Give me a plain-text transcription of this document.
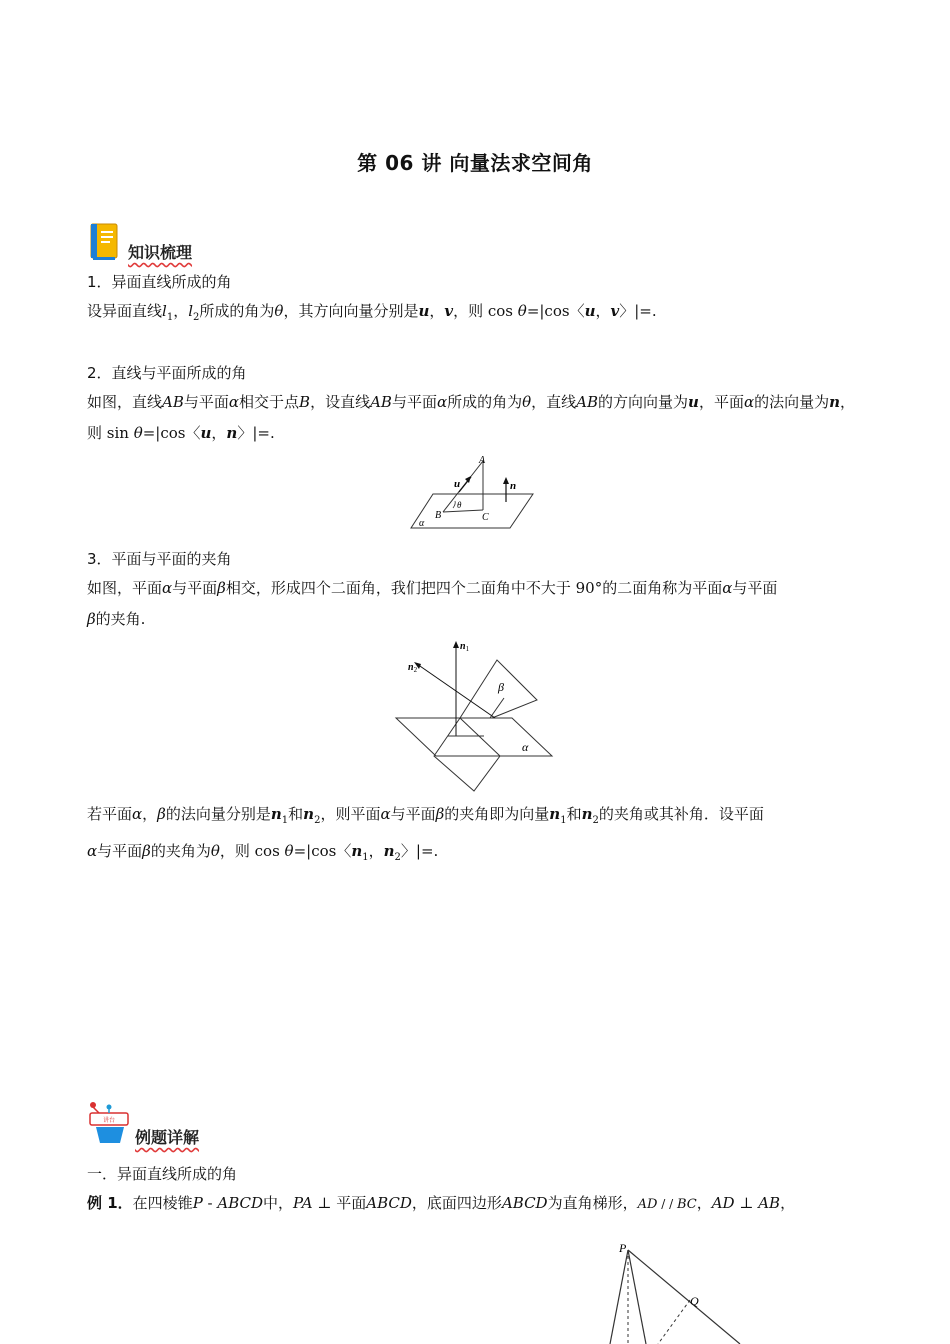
第 06 讲 向量法求空间角
知识梳理
1．异面直线所成的角
设异面直线$l_1$，$l_2$所成的角为θ，其方向向量分别是u，v，则 cos θ=|cos〈u，v〉|=.
2．直线与平面所成的角
如图，直线AB与平面α相交于点B，设直线AB与平面α所成的角为θ，直线AB的方向向量为u，平面α的法向量为n，则 sin θ=|cos〈u，n〉|=.
A
u	n
θ
B	C
α
3．平面与平面的夹角
如图，平面α与平面β相交，形成四个二面角，我们把四个二面角中不大于 90°的二面角称为平面α与平面
β的夹角.
$n_1$
$n_2$
β
α
若平面α，β的法向量分别是$n_1$和$n_2$，则平面α与平面β的夹角即为向量$n_1$和$n_2$的夹角或其补角．设平面
α与平面β的夹角为θ，则 cos θ=|cos〈$n_1$，$n_2$〉|=.
讲台
例题详解
一．异面直线所成的角
例 1．在四棱锥P - ABCD中，PA ⊥ 平面ABCD，底面四边形ABCD为直角梯形，AD / / BC，AD ⊥ AB，
P
Q
